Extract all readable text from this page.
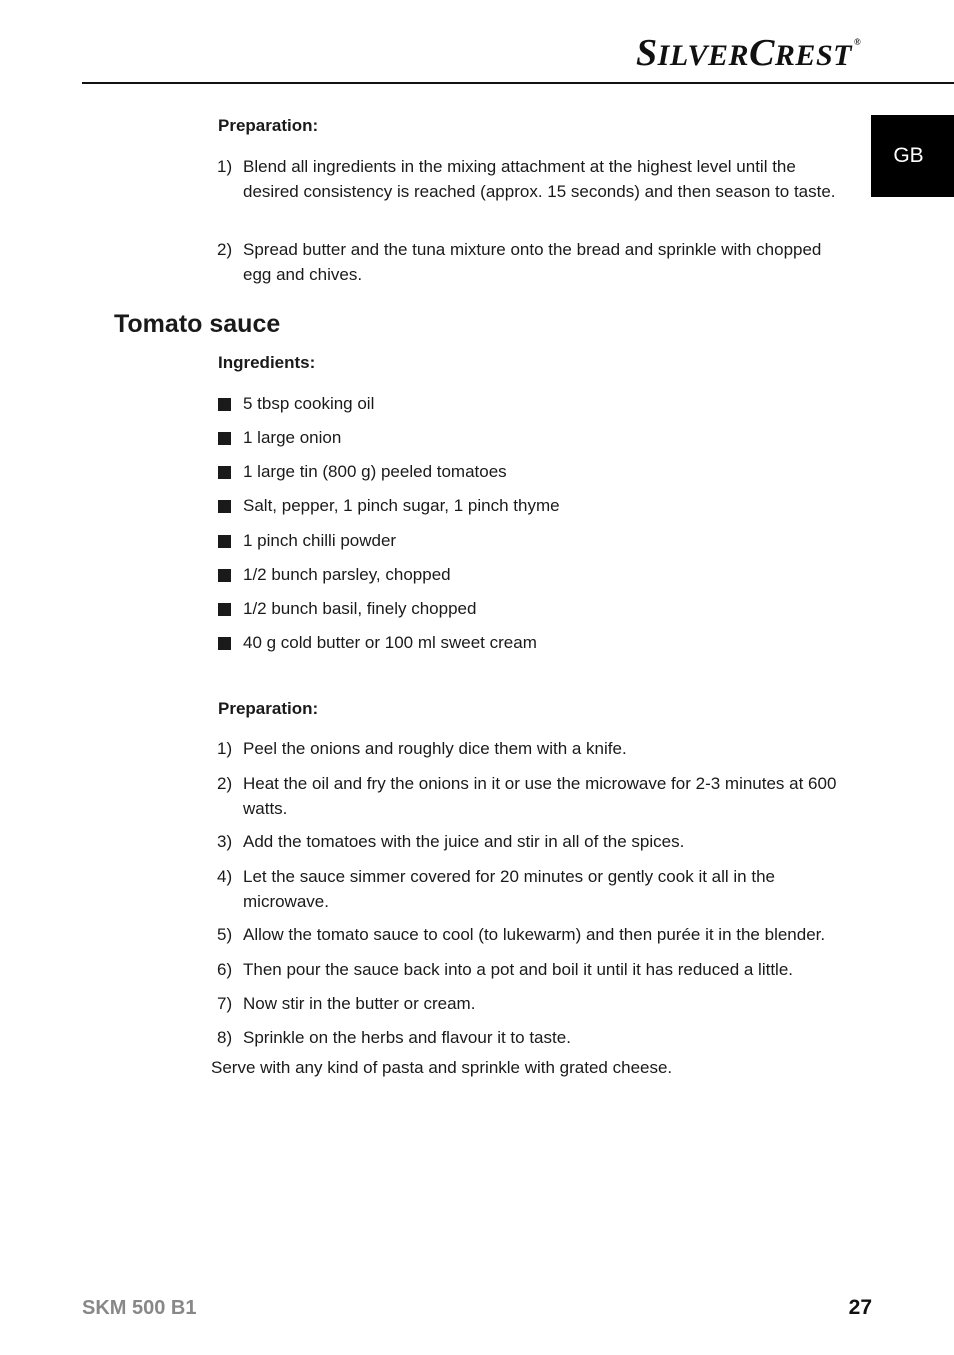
SILVERCREST ®
GB
Preparation:
1) Blend all ingredients in the mixing attachment at the highest level until the desired consistency is reached (approx. 15 seconds) and then season to taste.
2) Spread butter and the tuna mixture onto the bread and sprinkle with chopped egg and chives.
Tomato sauce
Ingredients:
5 tbsp cooking oil
1 large onion
1 large tin (800 g) peeled tomatoes
Salt, pepper, 1 pinch sugar, 1 pinch thyme
1 pinch chilli powder
1/2 bunch parsley, chopped
1/2 bunch basil, finely chopped
40 g cold butter or 100 ml sweet cream
Preparation:
1) Peel the onions and roughly dice them with a knife.
2) Heat the oil and fry the onions in it or use the microwave for 2-3 minutes at 600 watts.
3) Add the tomatoes with the juice and stir in all of the spices.
4) Let the sauce simmer covered for 20 minutes or gently cook it all in the microwave.
5) Allow the tomato sauce to cool (to lukewarm) and then purée it in the blender.
6) Then pour the sauce back into a pot and boil it until it has reduced a little.
7) Now stir in the butter or cream.
8) Sprinkle on the herbs and flavour it to taste.
Serve with any kind of pasta and sprinkle with grated cheese.
SKM 500 B1	27
